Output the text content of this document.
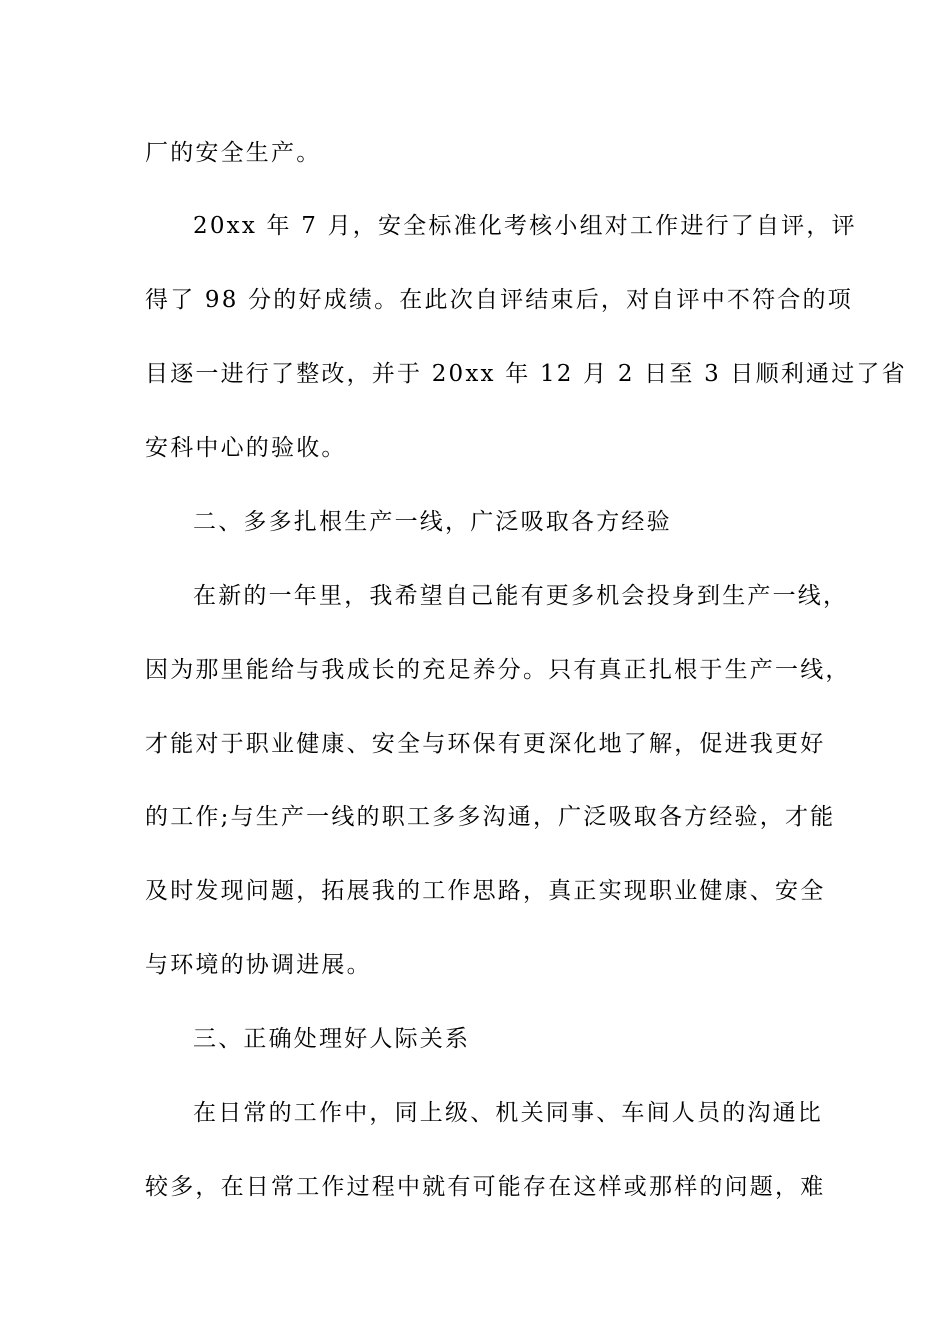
厂的安全生产。

20xx 年 7 月，安全标准化考核小组对工作进行了自评，评

得了 98 分的好成绩。在此次自评结束后，对自评中不符合的项

目逐一进行了整改，并于 20xx 年 12 月 2 日至 3 日顺利通过了省

安科中心的验收。

二、多多扎根生产一线，广泛吸取各方经验

在新的一年里，我希望自己能有更多机会投身到生产一线，

因为那里能给与我成长的充足养分。只有真正扎根于生产一线，

才能对于职业健康、安全与环保有更深化地了解，促进我更好

的工作;与生产一线的职工多多沟通，广泛吸取各方经验，才能

及时发现问题，拓展我的工作思路，真正实现职业健康、安全

与环境的协调进展。

三、正确处理好人际关系

在日常的工作中，同上级、机关同事、车间人员的沟通比

较多，在日常工作过程中就有可能存在这样或那样的问题，难
